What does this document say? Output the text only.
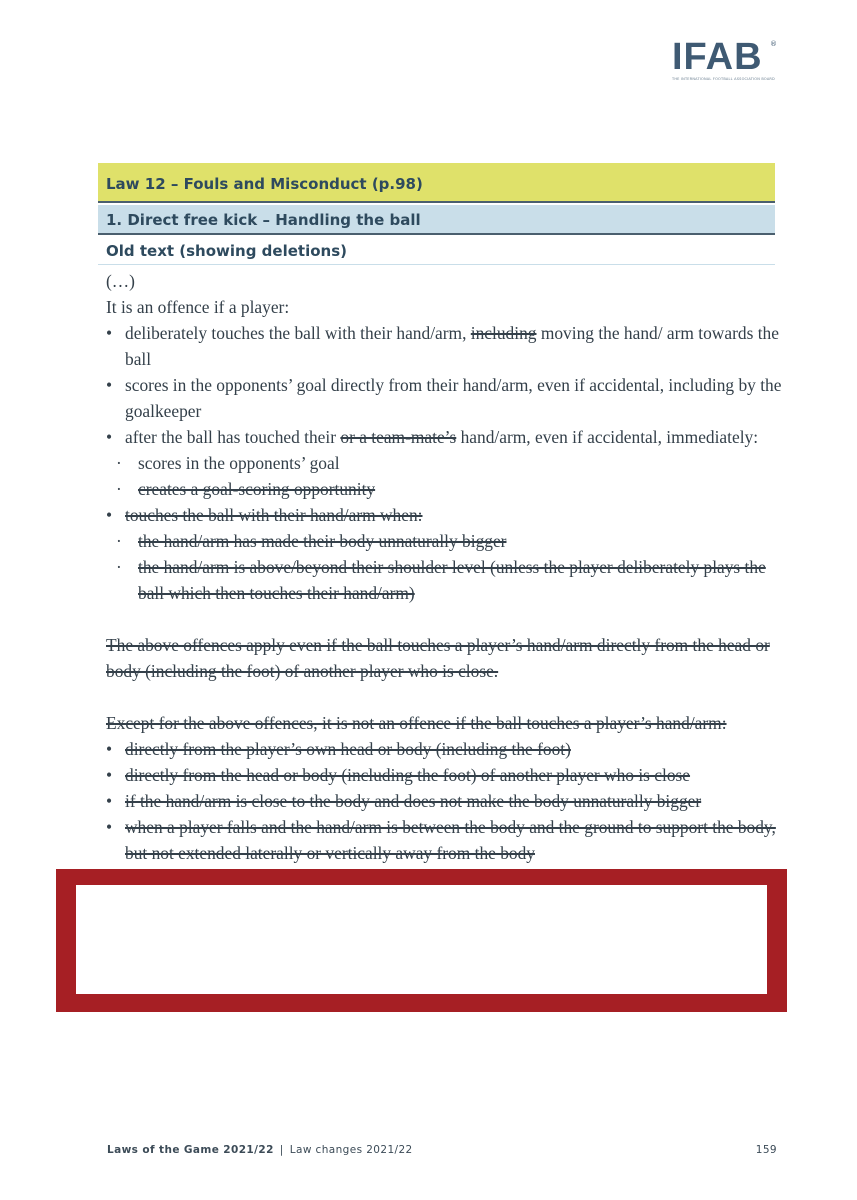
IFAB	®
THE INTERNATIONAL FOOTBALL ASSOCIATION BOARD
Law 12 – Fouls and Misconduct (p.98)
1. Direct free kick – Handling the ball
Old text (showing deletions)

(…)

It is an offence if a player:

• deliberately touches the ball with their hand/arm, including moving the hand/ arm towards the ball
• scores in the opponents’ goal directly from their hand/arm, even if accidental, including by the goalkeeper
• after the ball has touched their or a team-mate’s hand/arm, even if accidental, immediately:
· scores in the opponents’ goal
· creates a goal-scoring opportunity
• touches the ball with their hand/arm when:
· the hand/arm has made their body unnaturally bigger
· the hand/arm is above/beyond their shoulder level (unless the player deliberately plays the ball which then touches their hand/arm)

The above offences apply even if the ball touches a player’s hand/arm directly from the head or body (including the foot) of another player who is close.

Except for the above offences, it is not an offence if the ball touches a player’s hand/arm:

• directly from the player’s own head or body (including the foot)
• directly from the head or body (including the foot) of another player who is close
• if the hand/arm is close to the body and does not make the body unnaturally bigger
• when a player falls and the hand/arm is between the body and the ground to support the body, but not extended laterally or vertically away from the body
Laws of the Game 2021/22 | Law changes 2021/22	159
